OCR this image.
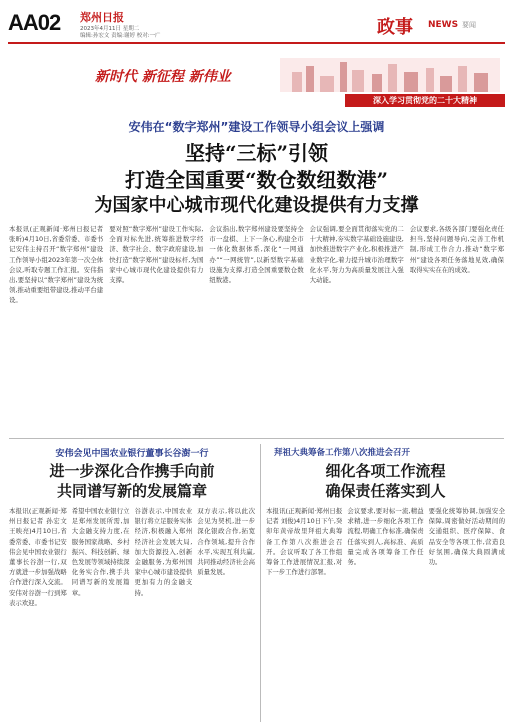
AA02 郑州日报
2023年4月11日 星期二
编辑:孙宏文 责编:谢婷 校对:一广	政事 NEWS 要闻
新时代 新征程 新伟业
深入学习贯彻党的二十大精神
安伟在“数字郑州”建设工作领导小组会议上强调
坚持“三标”引领
打造全国重要“数仓数纽数港”
为国家中心城市现代化建设提供有力支撑

本报讯(正观新闻·郑州日报记者 张昕)4月10日,省委常委、市委书记安伟主持召开“数字郑州”建设工作领导小组2023年第一次全体会议,听取专题工作汇报。安伟指出,要坚持以“数字郑州”建设为统领,推动重要纽带建设,推动平台建设。

要对照“数字郑州”建设工作实际,全面对标先进,统筹推进数字经济、数字社会、数字政府建设,加快打造“数字郑州”建设标杆,为国家中心城市现代化建设提供有力支撑。

会议指出,数字郑州建设要坚持全市一盘棋、上下一条心,构建全市一体化数据体系,深化“一网通办”“一网统管”,以新型数字基础设施为支撑,打造全国重要数仓数纽数港。

会议强调,要全面贯彻落实党的二十大精神,夯实数字基础设施建设,加快推进数字产业化,积极推进产业数字化,着力提升城市治理数字化水平,努力为高质量发展注入强大动能。

会议要求,各级各部门要强化责任担当,坚持问题导向,完善工作机制,形成工作合力,推动“数字郑州”建设各项任务落地见效,确保取得实实在在的成效。

安伟会见中国农业银行董事长谷澍一行
进一步深化合作携手向前
共同谱写新的发展篇章

本报讯(正观新闻·郑州日报记者 孙宏文 王映亮)4月10日,省委常委、市委书记安伟会见中国农业银行董事长谷澍一行,双方就进一步加强战略合作进行深入交流。安伟对谷澍一行到郑表示欢迎。

希望中国农业银行立足郑州发展所需,加大金融支持力度,在服务国家战略、乡村振兴、科技创新、绿色发展等领域持续深化务实合作,携手共同谱写新的发展篇章。

谷澍表示,中国农业银行将立足服务实体经济,积极融入郑州经济社会发展大局,加大资源投入,创新金融服务,为郑州国家中心城市建设提供更加有力的金融支持。

双方表示,将以此次会见为契机,进一步深化银政合作,拓宽合作领域,提升合作水平,实现互利共赢,共同推动经济社会高质量发展。

拜祖大典筹备工作第八次推进会召开
细化各项工作流程
确保责任落实到人

本报讯(正观新闻·郑州日报记者 刘俊)4月10日下午,癸卯年黄帝故里拜祖大典筹备工作第八次推进会召开。会议听取了各工作组筹备工作进展情况汇报,对下一步工作进行部署。

会议要求,要对标一流,精益求精,进一步细化各项工作流程,明确工作标准,确保责任落实到人,高标准、高质量完成各项筹备工作任务。

要强化统筹协调,加强安全保障,周密做好活动期间的交通组织、医疗保障、食品安全等各项工作,营造良好氛围,确保大典圆满成功。
